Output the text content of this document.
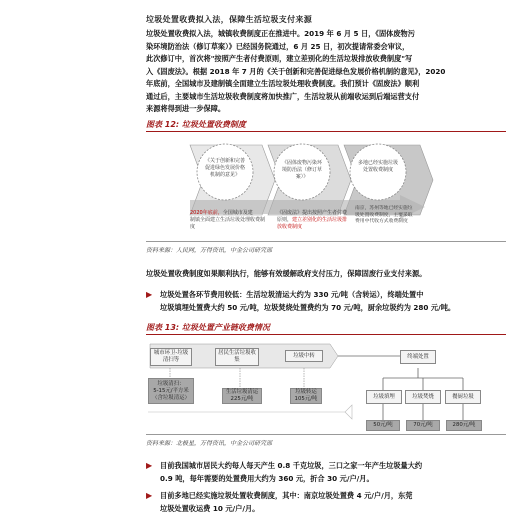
垃圾处置收费拟入法，保障生活垃圾支付来源
垃圾处置收费拟入法，城镇收费制度正在推进中。2019 年 6 月 5 日，《固体废物污
染环境防治法（修订草案）》已经国务院通过，6 月 25 日，初次提请常委会审议，
此次修订中，首次将"按照产生者付费原则，建立差别化的生活垃圾排放收费制度"写
入《固废法》。根据 2018 年 7 月的《关于创新和完善促进绿色发展价格机制的意见》，2020
年底前，全国城市及建制镇全面建立生活垃圾处理收费制度。我们预计《固废法》顺利
通过后，主要城市生活垃圾收费制度将加快推广，生活垃圾从前端收运到后端运营支付
来源将得到进一步保障。
图表 12: 垃圾处置收费制度
《关于创新和完善促进绿色发展价格机制的意见》
《固体废物污染环境防治法（修订草案）》
多地已经实施垃圾处置收费制度
2020年底前，全国城市及建
制镇全面建立生活垃圾处理收费制度
《固废法》提出按照产生者付费原则，建立差别化的生活垃圾排放收费制度
南京，苏州等地已经实施垃圾处置收费制度，主要采取费用中代收方式收费制度
资料来源：人民网，万得资讯，中金公司研究部
垃圾处置收费制度如果顺利执行，能够有效缓解政府支付压力，保障固废行业支付来源。
▶ 垃圾处置各环节费用较低：生活垃圾清运大约为 330 元/吨（含转运），终端处置中
垃圾填埋处置费大约 50 元/吨，垃圾焚烧处置费约为 70 元/吨，厨余垃圾约为 280 元/吨。
图表 13: 垃圾处置产业链收费情况
城市环卫-垃圾清扫等
居民生活垃圾收集
垃圾中转	终端处置
垃圾填埋	垃圾焚烧	餐厨垃圾
垃圾清扫：
5-15元/平方米
（含垃圾清运）
生活垃圾清运
225元/吨
垃圾转运
105元/吨
50元/吨	70元/吨	280元/吨
资料来源：北极星，万得资讯，中金公司研究部
▶ 目前我国城市居民大约每人每天产生 0.8 千克垃圾，三口之家一年产生垃圾量大约
0.9 吨，每年需要的处置费用大约为 360 元，折合 30 元/户/月。
▶ 目前多地已经实施垃圾处置收费制度，其中：南京垃圾处置费 4 元/户/月，东莞
垃圾处置收运费 10 元/户/月。
